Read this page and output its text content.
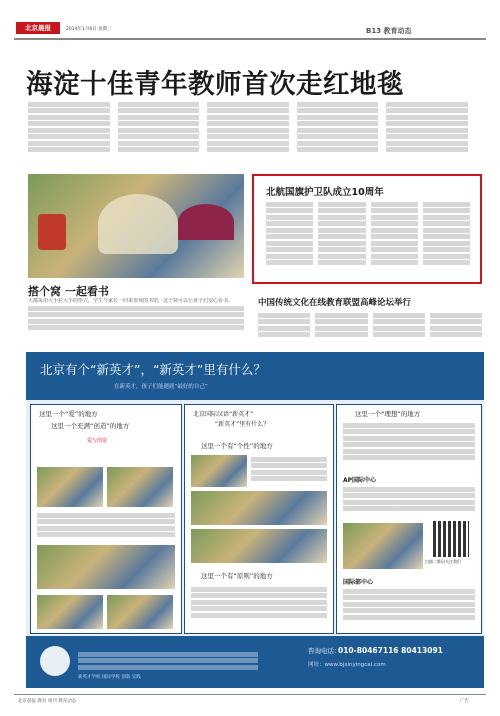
北京晨报	2014年1月6日 星期三	B13 教育动态
海淀十佳青年教师首次走红地毯
搭个窝 一起看书
大都采用大手拉大手的形式，学生与家长一同来参观图书馆，这个窝可以让孩子们安心看书。
北航国旗护卫队成立10周年
中国传统文化在线教育联盟高峰论坛举行
北京有个“新英才”，“新英才”里有什么？
在新英才，孩子们能遇到“最好的自己”
这里一个“爱”的地方
这里一个充满“创造”的地方
爱与创造
北京国际汉语“新英才”
“新英才”里有什么？
这里一个有“个性”的地方
这里一个有“原则”的地方
这里一个“理想”的地方
AP国际中心
扫描二维码关注我们
国际部中心
新英才学校 国际学校 创新 实践
咨询电话：
010-80467116 80413091
网址：www.bjxinyingcai.com
北京晨报 教育 周刊 教育动态	广告
